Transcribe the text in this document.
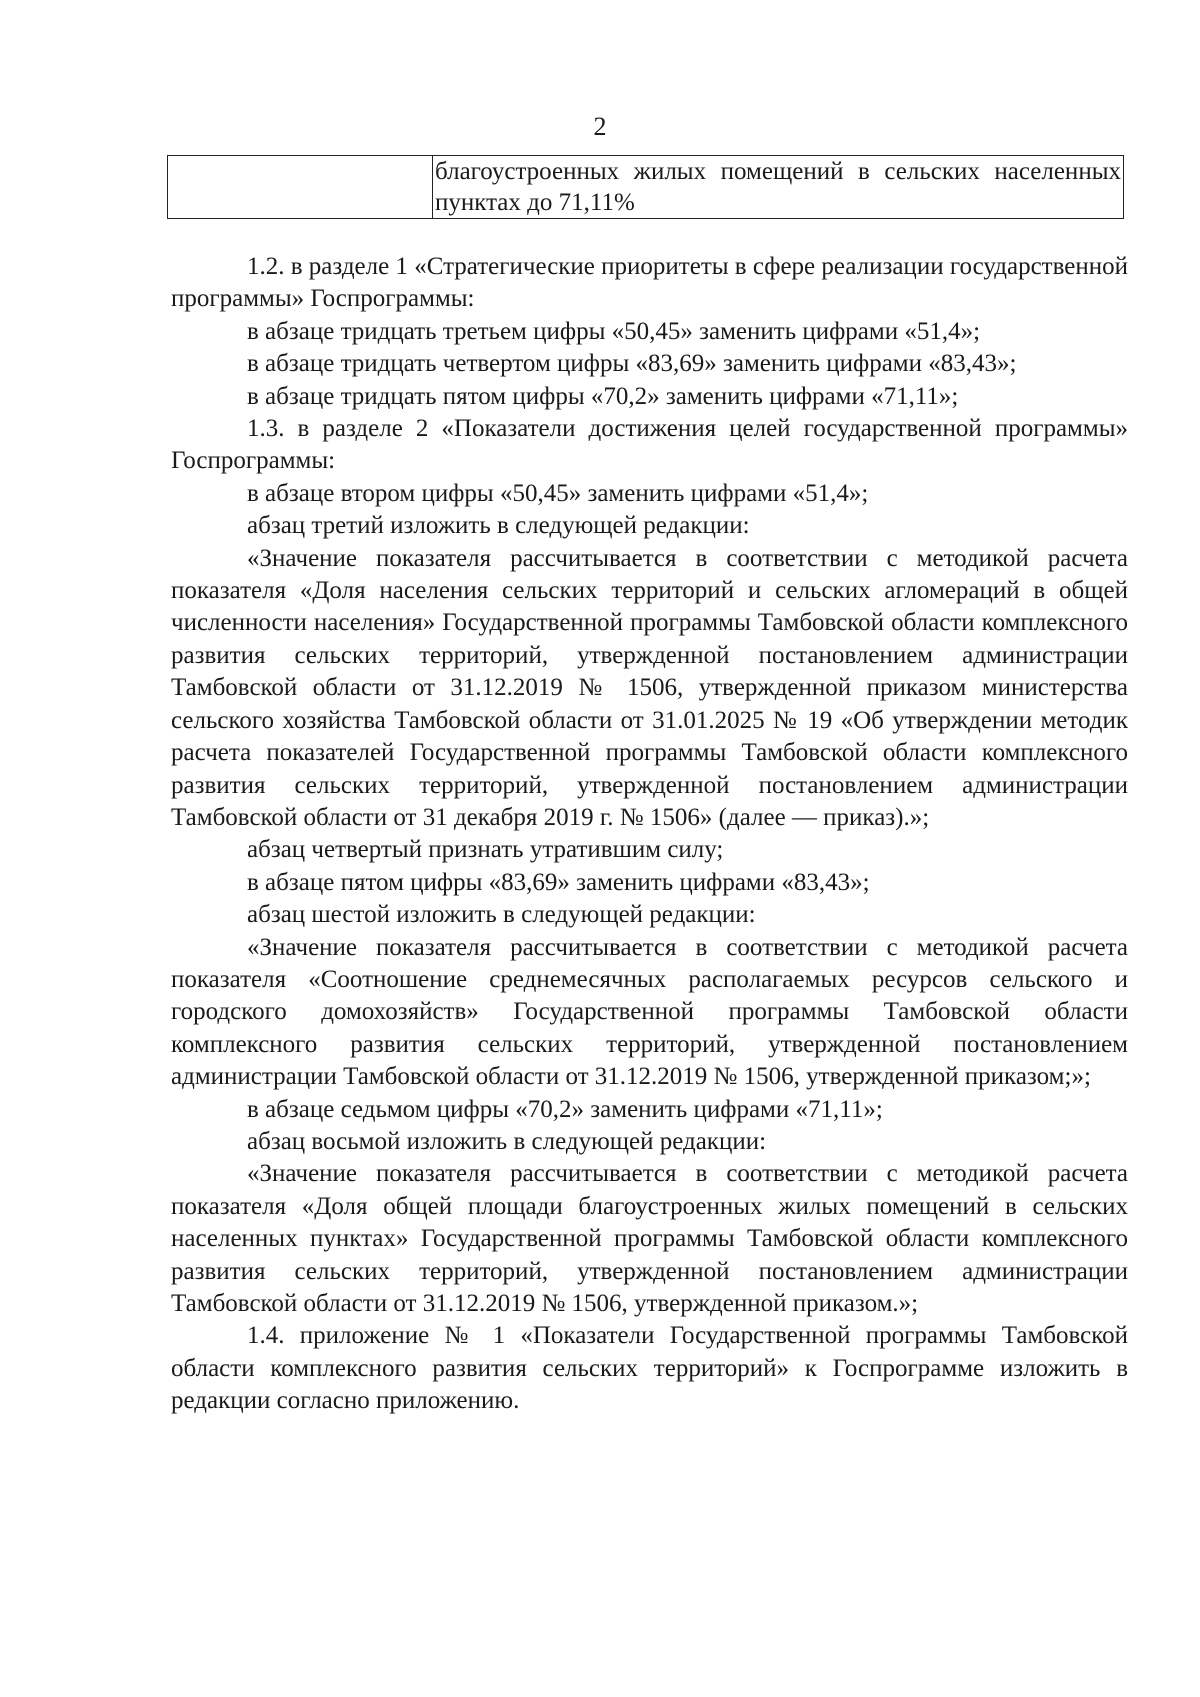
2
	благоустроенных жилых помещений в сельских населенных пунктах до 71,11%

1.2. в разделе 1 «Стратегические приоритеты в сфере реализации государственной программы» Госпрограммы:

в абзаце тридцать третьем цифры «50,45» заменить цифрами «51,4»;

в абзаце тридцать четвертом цифры «83,69» заменить цифрами «83,43»;

в абзаце тридцать пятом цифры «70,2» заменить цифрами «71,11»;

1.3. в разделе 2 «Показатели достижения целей государственной программы» Госпрограммы:

в абзаце втором цифры «50,45» заменить цифрами «51,4»;

абзац третий изложить в следующей редакции:

«Значение показателя рассчитывается в соответствии с методикой расчета показателя «Доля населения сельских территорий и сельских агломераций в общей численности населения» Государственной программы Тамбовской области комплексного развития сельских территорий, утвержденной постановлением администрации Тамбовской области от 31.12.2019 № 1506, утвержденной приказом министерства сельского хозяйства Тамбовской области от 31.01.2025 № 19 «Об утверждении методик расчета показателей Государственной программы Тамбовской области комплексного развития сельских территорий, утвержденной постановлением администрации Тамбовской области от 31 декабря 2019 г. № 1506» (далее — приказ).»;

абзац четвертый признать утратившим силу;

в абзаце пятом цифры «83,69» заменить цифрами «83,43»;

абзац шестой изложить в следующей редакции:

«Значение показателя рассчитывается в соответствии с методикой расчета показателя «Соотношение среднемесячных располагаемых ресурсов сельского и городского домохозяйств» Государственной программы Тамбовской области комплексного развития сельских территорий, утвержденной постановлением администрации Тамбовской области от 31.12.2019 № 1506, утвержденной приказом;»;

в абзаце седьмом цифры «70,2» заменить цифрами «71,11»;

абзац восьмой изложить в следующей редакции:

«Значение показателя рассчитывается в соответствии с методикой расчета показателя «Доля общей площади благоустроенных жилых помещений в сельских населенных пунктах» Государственной программы Тамбовской области комплексного развития сельских территорий, утвержденной постановлением администрации Тамбовской области от 31.12.2019 № 1506, утвержденной приказом.»;

1.4. приложение № 1 «Показатели Государственной программы Тамбовской области комплексного развития сельских территорий» к Госпрограмме изложить в редакции согласно приложению.
